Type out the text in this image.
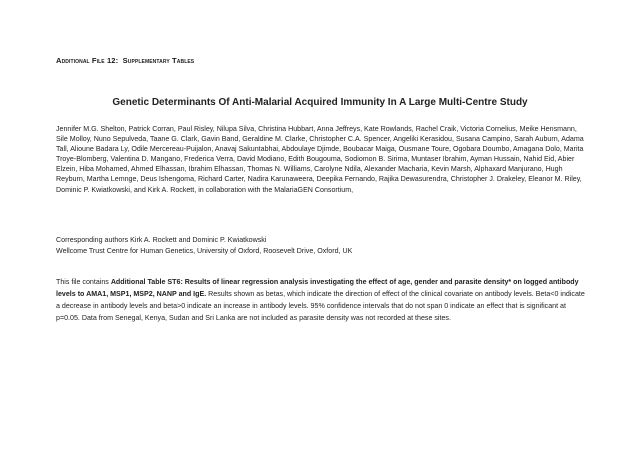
Additional File 12: Supplementary Tables
Genetic Determinants Of Anti-Malarial Acquired Immunity In A Large Multi-Centre Study
Jennifer M.G. Shelton, Patrick Corran, Paul Risley, Nilupa Silva, Christina Hubbart, Anna Jeffreys, Kate Rowlands, Rachel Craik, Victoria Cornelius, Meike Hensmann, Sile Molloy, Nuno Sepulveda, Taane G. Clark, Gavin Band, Geraldine M. Clarke, Christopher C.A. Spencer, Angeliki Kerasidou, Susana Campino, Sarah Auburn, Adama Tall, Alioune Badara Ly, Odile Mercereau-Puijalon, Anavaj Sakuntabhai, Abdoulaye Djimde, Boubacar Maiga, Ousmane Toure, Ogobara Doumbo, Amagana Dolo, Marita Troye-Blomberg, Valentina D. Mangano, Frederica Verra, David Modiano, Edith Bougouma, Sodiomon B. Sirima, Muntaser Ibrahim, Ayman Hussain, Nahid Eid, Abier Elzein, Hiba Mohamed, Ahmed Elhassan, Ibrahim Elhassan, Thomas N. Williams, Carolyne Ndila, Alexander Macharia, Kevin Marsh, Alphaxard Manjurano, Hugh Reyburn, Martha Lemnge, Deus Ishengoma, Richard Carter, Nadira Karunaweera, Deepika Fernando, Rajika Dewasurendra, Christopher J. Drakeley, Eleanor M. Riley, Dominic P. Kwiatkowski, and Kirk A. Rockett, in collaboration with the MalariaGEN Consortium,
Corresponding authors Kirk A. Rockett and Dominic P. Kwiatkowski
Wellcome Trust Centre for Human Genetics, University of Oxford, Roosevelt Drive, Oxford, UK
This file contains Additional Table ST6: Results of linear regression analysis investigating the effect of age, gender and parasite density* on logged antibody levels to AMA1, MSP1, MSP2, NANP and IgE. Results shown as betas, which indicate the direction of effect of the clinical covariate on antibody levels. Beta<0 indicate a decrease in antibody levels and beta>0 indicate an increase in antibody levels. 95% confidence intervals that do not span 0 indicate an effect that is significant at p=0.05. Data from Senegal, Kenya, Sudan and Sri Lanka are not included as parasite density was not recorded at these sites.
